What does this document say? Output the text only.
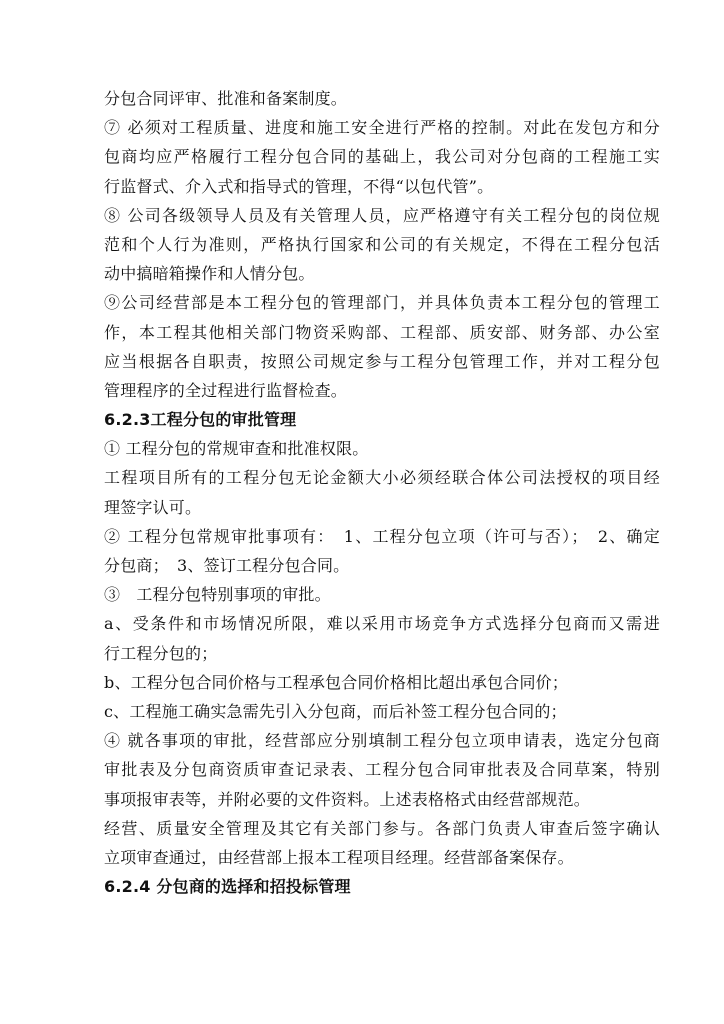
分包合同评审、批准和备案制度。
⑦ 必须对工程质量、进度和施工安全进行严格的控制。对此在发包方和分
包商均应严格履行工程分包合同的基础上，我公司对分包商的工程施工实
行监督式、介入式和指导式的管理，不得“以包代管”。
⑧ 公司各级领导人员及有关管理人员，应严格遵守有关工程分包的岗位规
范和个人行为准则，严格执行国家和公司的有关规定，不得在工程分包活
动中搞暗箱操作和人情分包。
⑨公司经营部是本工程分包的管理部门，并具体负责本工程分包的管理工
作，本工程其他相关部门物资采购部、工程部、质安部、财务部、办公室
应当根据各自职责，按照公司规定参与工程分包管理工作，并对工程分包
管理程序的全过程进行监督检查。
6.2.3工程分包的审批管理
① 工程分包的常规审查和批准权限。
工程项目所有的工程分包无论金额大小必须经联合体公司法授权的项目经
理签字认可。
② 工程分包常规审批事项有：　1、工程分包立项（许可与否）；　2、确定
分包商；　3、签订工程分包合同。
③　工程分包特别事项的审批。
a、受条件和市场情况所限，难以采用市场竞争方式选择分包商而又需进
行工程分包的；
b、工程分包合同价格与工程承包合同价格相比超出承包合同价；
c、工程施工确实急需先引入分包商，而后补签工程分包合同的；
④ 就各事项的审批，经营部应分别填制工程分包立项申请表，选定分包商
审批表及分包商资质审查记录表、工程分包合同审批表及合同草案，特别
事项报审表等，并附必要的文件资料。上述表格格式由经营部规范。
经营、质量安全管理及其它有关部门参与。各部门负责人审查后签字确认
立项审查通过，由经营部上报本工程项目经理。经营部备案保存。
6.2.4 分包商的选择和招投标管理
